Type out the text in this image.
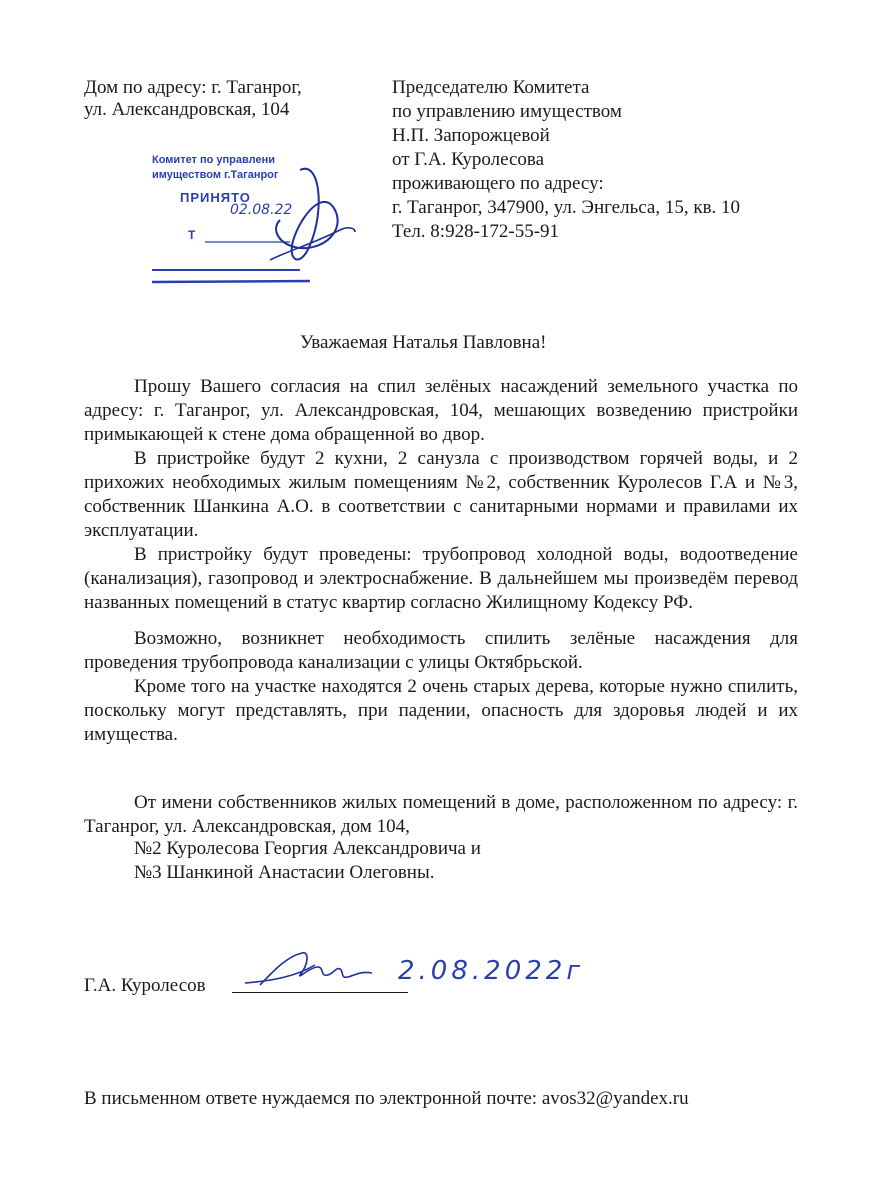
Дом по адресу: г. Таганрог,
ул. Александровская, 104
Председателю Комитета
по управлению имуществом
Н.П. Запорожцевой
от Г.А. Куролесова
проживающего по адресу:
г. Таганрог, 347900, ул. Энгельса, 15, кв. 10
Тел. 8:928-172-55-91
Комитет по управлени
имуществом г.Таганрог
ПРИНЯТО
02.08.22
Т
Уважаемая Наталья Павловна!

Прошу Вашего согласия на спил зелёных насаждений земельного участка по адресу: г. Таганрог, ул. Александровская, 104, мешающих возведению пристройки примыкающей к стене дома обращенной во двор.

В пристройке будут 2 кухни, 2 санузла с производством горячей воды, и 2 прихожих необходимых жилым помещениям №2, собственник Куролесов Г.А и №3, собственник Шанкина А.О. в соответствии с санитарными нормами и правилами их эксплуатации.

В пристройку будут проведены: трубопровод холодной воды, водоотведение (канализация), газопровод и электроснабжение. В дальнейшем мы произведём перевод названных помещений в статус квартир согласно Жилищному Кодексу РФ.

Возможно, возникнет необходимость спилить зелёные насаждения для проведения трубопровода канализации с улицы Октябрьской.

Кроме того на участке находятся 2 очень старых дерева, которые нужно спилить, поскольку могут представлять, при падении, опасность для здоровья людей и их имущества.

От имени собственников жилых помещений в доме, расположенном по адресу: г. Таганрог, ул. Александровская, дом 104,

№2 Куролесова Георгия Александровича и
№3 Шанкиной Анастасии Олеговны.
Г.А. Куролесов	2.08.2022г
В письменном ответе нуждаемся по электронной почте: avos32@yandex.ru
